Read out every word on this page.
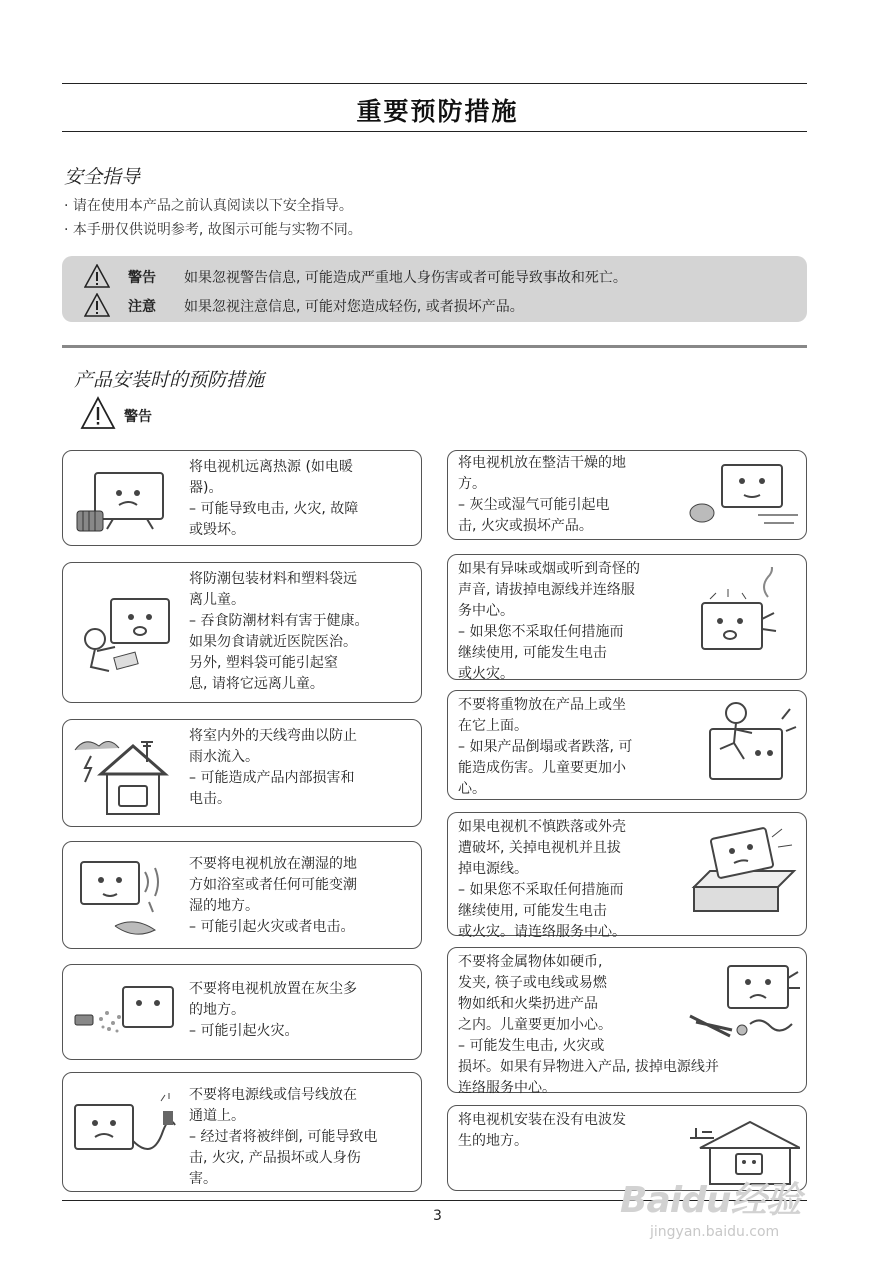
重要预防措施
安全指导
· 请在使用本产品之前认真阅读以下安全指导。
· 本手册仅供说明参考, 故图示可能与实物不同。
警告 如果忽视警告信息, 可能造成严重地人身伤害或者可能导致事故和死亡。
注意 如果忽视注意信息, 可能对您造成轻伤, 或者损坏产品。
产品安装时的预防措施
警告
将电视机远离热源 (如电暖
器)。
– 可能导致电击, 火灾, 故障
或毁坏。
将防潮包装材料和塑料袋远
离儿童。
– 吞食防潮材料有害于健康。
如果勿食请就近医院医治。
另外, 塑料袋可能引起窒
息, 请将它远离儿童。
将室内外的天线弯曲以防止
雨水流入。
– 可能造成产品内部损害和
电击。
不要将电视机放在潮湿的地
方如浴室或者任何可能变潮
湿的地方。
– 可能引起火灾或者电击。
不要将电视机放置在灰尘多
的地方。
– 可能引起火灾。
不要将电源线或信号线放在
通道上。
– 经过者将被绊倒, 可能导致电
击, 火灾, 产品损坏或人身伤
害。
将电视机放在整洁干燥的地
方。
– 灰尘或湿气可能引起电
击, 火灾或损坏产品。
如果有异味或烟或听到奇怪的
声音, 请拔掉电源线并连络服
务中心。
– 如果您不采取任何措施而
继续使用, 可能发生电击
或火灾。
不要将重物放在产品上或坐
在它上面。
– 如果产品倒塌或者跌落, 可
能造成伤害。儿童要更加小
心。
如果电视机不慎跌落或外壳
遭破坏, 关掉电视机并且拔
掉电源线。
– 如果您不采取任何措施而
继续使用, 可能发生电击
或火灾。请连络服务中心。
不要将金属物体如硬币,
发夹, 筷子或电线或易燃
物如纸和火柴扔进产品
之内。儿童要更加小心。
– 可能发生电击, 火灾或
损坏。如果有异物进入产品, 拔掉电源线并
连络服务中心。
将电视机安装在没有电波发
生的地方。
3	Baidu经验
jingyan.baidu.com
